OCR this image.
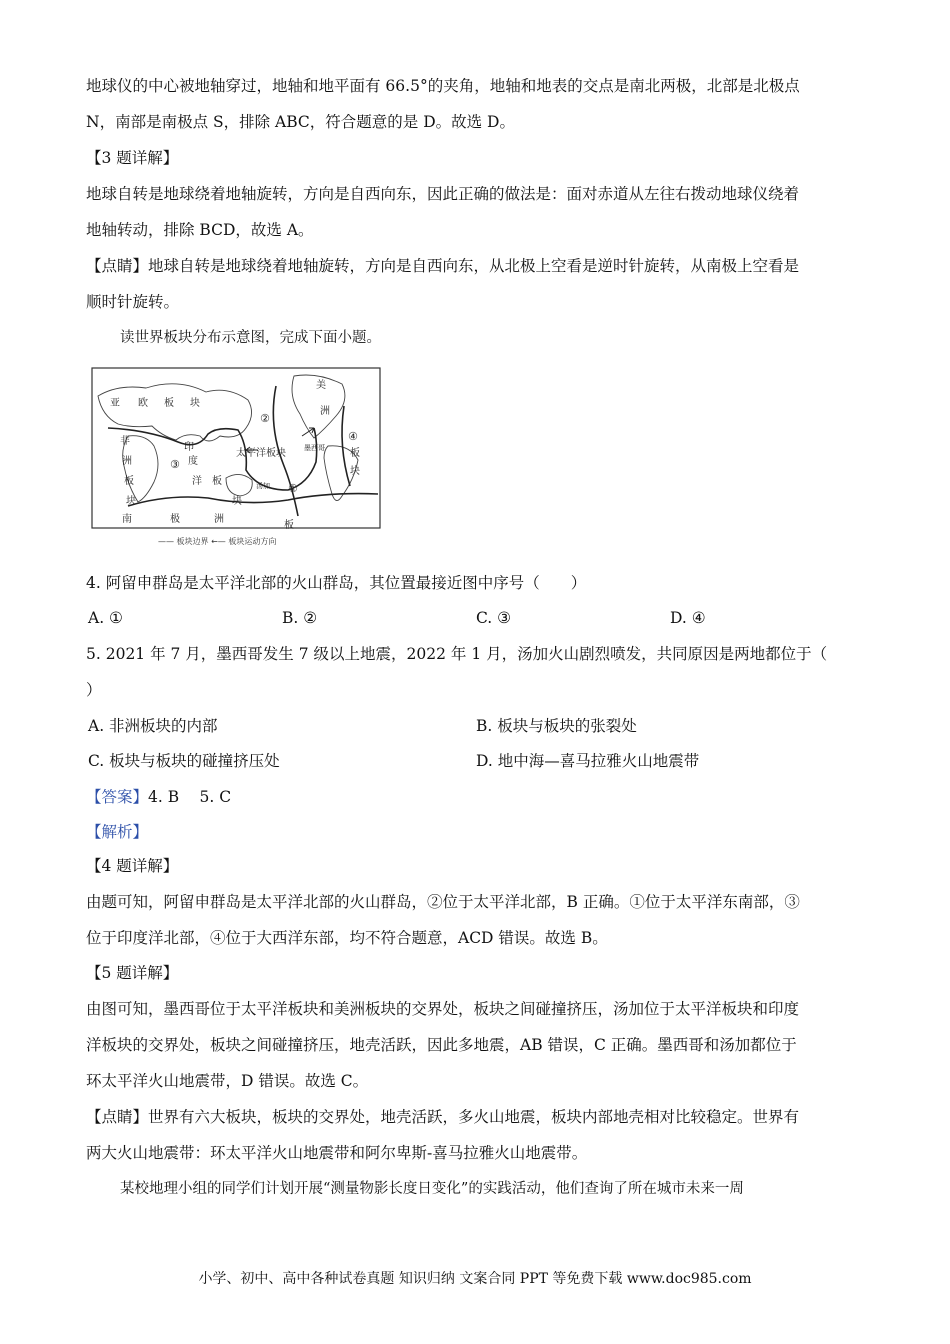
地球仪的中心被地轴穿过，地轴和地平面有 66.5°的夹角，地轴和地表的交点是南北两极，北部是北极点
N，南部是南极点 S，排除 ABC，符合题意的是 D。故选 D。
【3 题详解】
地球自转是地球绕着地轴旋转，方向是自西向东，因此正确的做法是：面对赤道从左往右拨动地球仪绕着
地轴转动，排除 BCD，故选 A。
【点睛】地球自转是地球绕着地轴旋转，方向是自西向东，从北极上空看是逆时针旋转，从南极上空看是
顺时针旋转。
读世界板块分布示意图，完成下面小题。
亚 欧 板 块
美
洲
非
洲
板
块
印
度
洋 板
块
太平洋板块	板
块
南	极	洲
板
墨西哥
汤加 ①
②
③
④
—— 板块边界 ←— 板块运动方向
4. 阿留申群岛是太平洋北部的火山群岛，其位置最接近图中序号（　　）
A. ①	B. ②	C. ③	D. ④
5. 2021 年 7 月，墨西哥发生 7 级以上地震，2022 年 1 月，汤加火山剧烈喷发，共同原因是两地都位于（
）
A. 非洲板块的内部	B. 板块与板块的张裂处
C. 板块与板块的碰撞挤压处	D. 地中海—喜马拉雅火山地震带
【答案】4. B　 5. C
【解析】
【4 题详解】
由题可知，阿留申群岛是太平洋北部的火山群岛，②位于太平洋北部，B 正确。①位于太平洋东南部，③
位于印度洋北部，④位于大西洋东部，均不符合题意，ACD 错误。故选 B。
【5 题详解】
由图可知，墨西哥位于太平洋板块和美洲板块的交界处，板块之间碰撞挤压，汤加位于太平洋板块和印度
洋板块的交界处，板块之间碰撞挤压，地壳活跃，因此多地震，AB 错误，C 正确。墨西哥和汤加都位于
环太平洋火山地震带，D 错误。故选 C。
【点睛】世界有六大板块，板块的交界处，地壳活跃，多火山地震，板块内部地壳相对比较稳定。世界有
两大火山地震带：环太平洋火山地震带和阿尔卑斯-喜马拉雅火山地震带。
某校地理小组的同学们计划开展“测量物影长度日变化”的实践活动，他们查询了所在城市未来一周
小学、初中、高中各种试卷真题 知识归纳 文案合同 PPT 等免费下载 www.doc985.com
